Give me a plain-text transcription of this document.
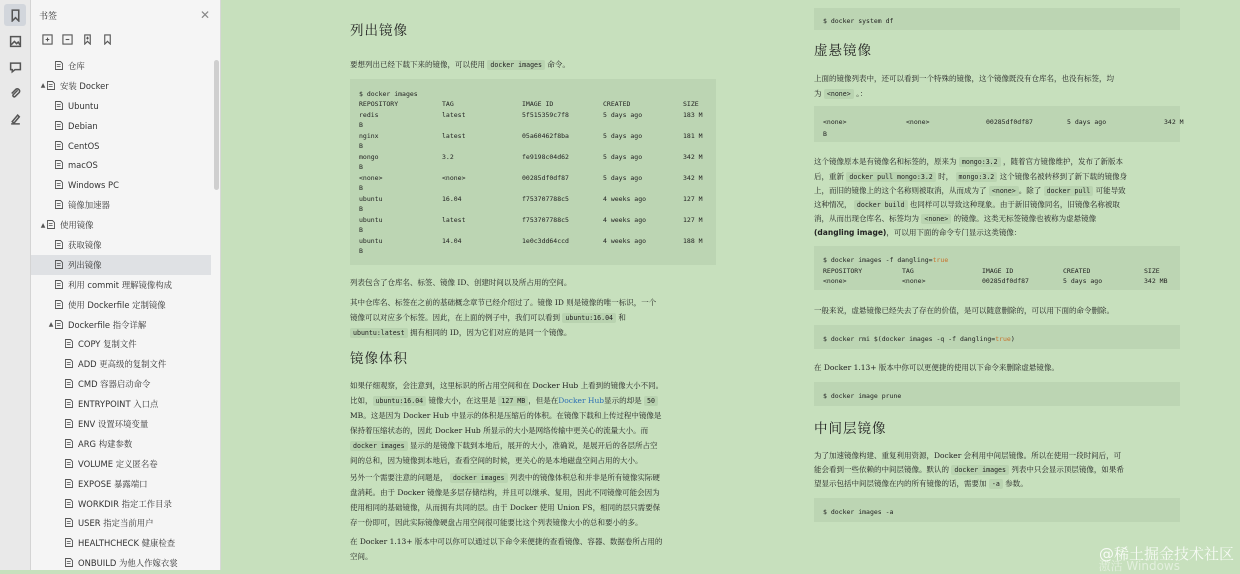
书签	✕
仓库
▲ 安装 Docker
Ubuntu
Debian
CentOS
macOS
Windows PC
镜像加速器
▲ 使用镜像
获取镜像
列出镜像
利用 commit 理解镜像构成
使用 Dockerfile 定制镜像
▲ Dockerfile 指令详解
COPY 复制文件
ADD 更高级的复制文件
CMD 容器启动命令
ENTRYPOINT 入口点
ENV 设置环境变量
ARG 构建参数
VOLUME 定义匿名卷
EXPOSE 暴露端口
WORKDIR 指定工作目录
USER 指定当前用户
HEALTHCHECK 健康检查
ONBUILD 为他人作嫁衣裳
列出镜像

要想列出已经下载下来的镜像，可以使用 docker images 命令。

$ docker images
REPOSITORY	TAG	IMAGE ID	CREATED	SIZE
redis	latest	5f515359c7f8	5 days ago	183 M
B
nginx	latest	05a60462f8ba	5 days ago	181 M
B
mongo	3.2	fe9198c04d62	5 days ago	342 M
B
<none>	<none>	00285df0df87	5 days ago	342 M
B
ubuntu	16.04	f753707788c5	4 weeks ago	127 M
B
ubuntu	latest	f753707788c5	4 weeks ago	127 M
B
ubuntu	14.04	1e0c3dd64ccd	4 weeks ago	188 M
B

列表包含了仓库名、标签、镜像 ID、创建时间以及所占用的空间。

其中仓库名、标签在之前的基础概念章节已经介绍过了。镜像 ID 则是镜像的唯一标识，一个

镜像可以对应多个标签。因此，在上面的例子中，我们可以看到 ubuntu:16.04 和

ubuntu:latest 拥有相同的 ID，因为它们对应的是同一个镜像。

镜像体积

如果仔细观察，会注意到，这里标识的所占用空间和在 Docker Hub 上看到的镜像大小不同。

比如， ubuntu:16.04 镜像大小，在这里是 127 MB ，但是在Docker Hub显示的却是 50

MB。这是因为 Docker Hub 中显示的体积是压缩后的体积。在镜像下载和上传过程中镜像是

保持着压缩状态的，因此 Docker Hub 所显示的大小是网络传输中更关心的流量大小。而

docker images 显示的是镜像下载到本地后，展开的大小，准确说，是展开后的各层所占空

间的总和，因为镜像到本地后，查看空间的时候，更关心的是本地磁盘空间占用的大小。

另外一个需要注意的问题是， docker images 列表中的镜像体积总和并非是所有镜像实际硬

盘消耗。由于 Docker 镜像是多层存储结构，并且可以继承、复用，因此不同镜像可能会因为

使用相同的基础镜像，从而拥有共同的层。由于 Docker 使用 Union FS，相同的层只需要保

存一份即可，因此实际镜像硬盘占用空间很可能要比这个列表镜像大小的总和要小的多。

在 Docker 1.13+ 版本中可以你可以通过以下命令来便捷的查看镜像、容器、数据卷所占用的

空间。

$ docker system df
虚悬镜像

上面的镜像列表中，还可以看到一个特殊的镜像，这个镜像既没有仓库名，也没有标签，均

为 <none> 。：

B
<none>	<none>	00285df0df87	5 days ago	342 M

这个镜像原本是有镜像名和标签的，原来为 mongo:3.2 ，随着官方镜像维护，发布了新版本

后，重新 docker pull mongo:3.2 时， mongo:3.2 这个镜像名被转移到了新下载的镜像身

上，而旧的镜像上的这个名称则被取消，从而成为了 <none> 。除了 docker pull 可能导致

这种情况， docker build 也同样可以导致这种现象。由于新旧镜像同名，旧镜像名称被取

消，从而出现仓库名、标签均为 <none> 的镜像。这类无标签镜像也被称为虚悬镜像

(dangling image)，可以用下面的命令专门显示这类镜像：

$ docker images -f dangling=true
REPOSITORY	TAG	IMAGE ID	CREATED	SIZE
<none>	<none>	00285df0df87	5 days ago	342 MB

一般来说，虚悬镜像已经失去了存在的价值，是可以随意删除的，可以用下面的命令删除。

$ docker rmi $(docker images -q -f dangling=true)

在 Docker 1.13+ 版本中你可以更便捷的使用以下命令来删除虚悬镜像。

$ docker image prune
中间层镜像

为了加速镜像构建、重复利用资源，Docker 会利用中间层镜像。所以在使用一段时间后，可

能会看到一些依赖的中间层镜像。默认的 docker images 列表中只会显示顶层镜像，如果希

望显示包括中间层镜像在内的所有镜像的话，需要加 -a 参数。

$ docker images -a
激活 Windows
@稀土掘金技术社区
